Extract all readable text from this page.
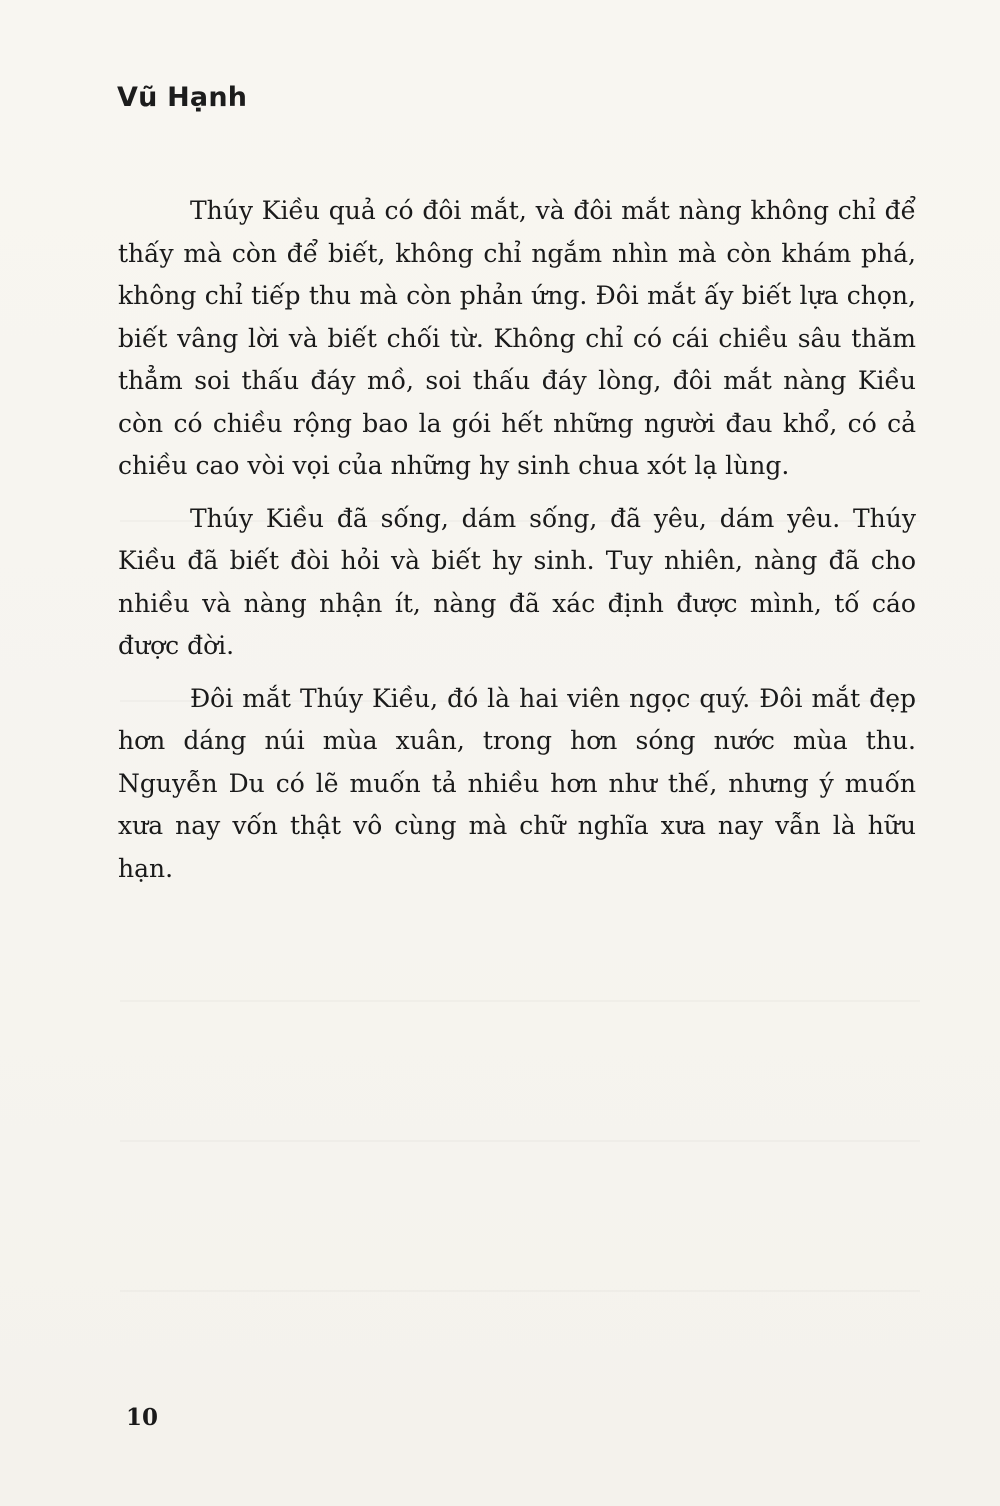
Vũ Hạnh

Thúy Kiều quả có đôi mắt, và đôi mắt nàng không chỉ để thấy mà còn để biết, không chỉ ngắm nhìn mà còn khám phá, không chỉ tiếp thu mà còn phản ứng. Đôi mắt ấy biết lựa chọn, biết vâng lời và biết chối từ. Không chỉ có cái chiều sâu thăm thẳm soi thấu đáy mồ, soi thấu đáy lòng, đôi mắt nàng Kiều còn có chiều rộng bao la gói hết những người đau khổ, có cả chiều cao vòi vọi của những hy sinh chua xót lạ lùng.

Thúy Kiều đã sống, dám sống, đã yêu, dám yêu. Thúy Kiều đã biết đòi hỏi và biết hy sinh. Tuy nhiên, nàng đã cho nhiều và nàng nhận ít, nàng đã xác định được mình, tố cáo được đời.

Đôi mắt Thúy Kiều, đó là hai viên ngọc quý. Đôi mắt đẹp hơn dáng núi mùa xuân, trong hơn sóng nước mùa thu. Nguyễn Du có lẽ muốn tả nhiều hơn như thế, nhưng ý muốn xưa nay vốn thật vô cùng mà chữ nghĩa xưa nay vẫn là hữu hạn.

10
